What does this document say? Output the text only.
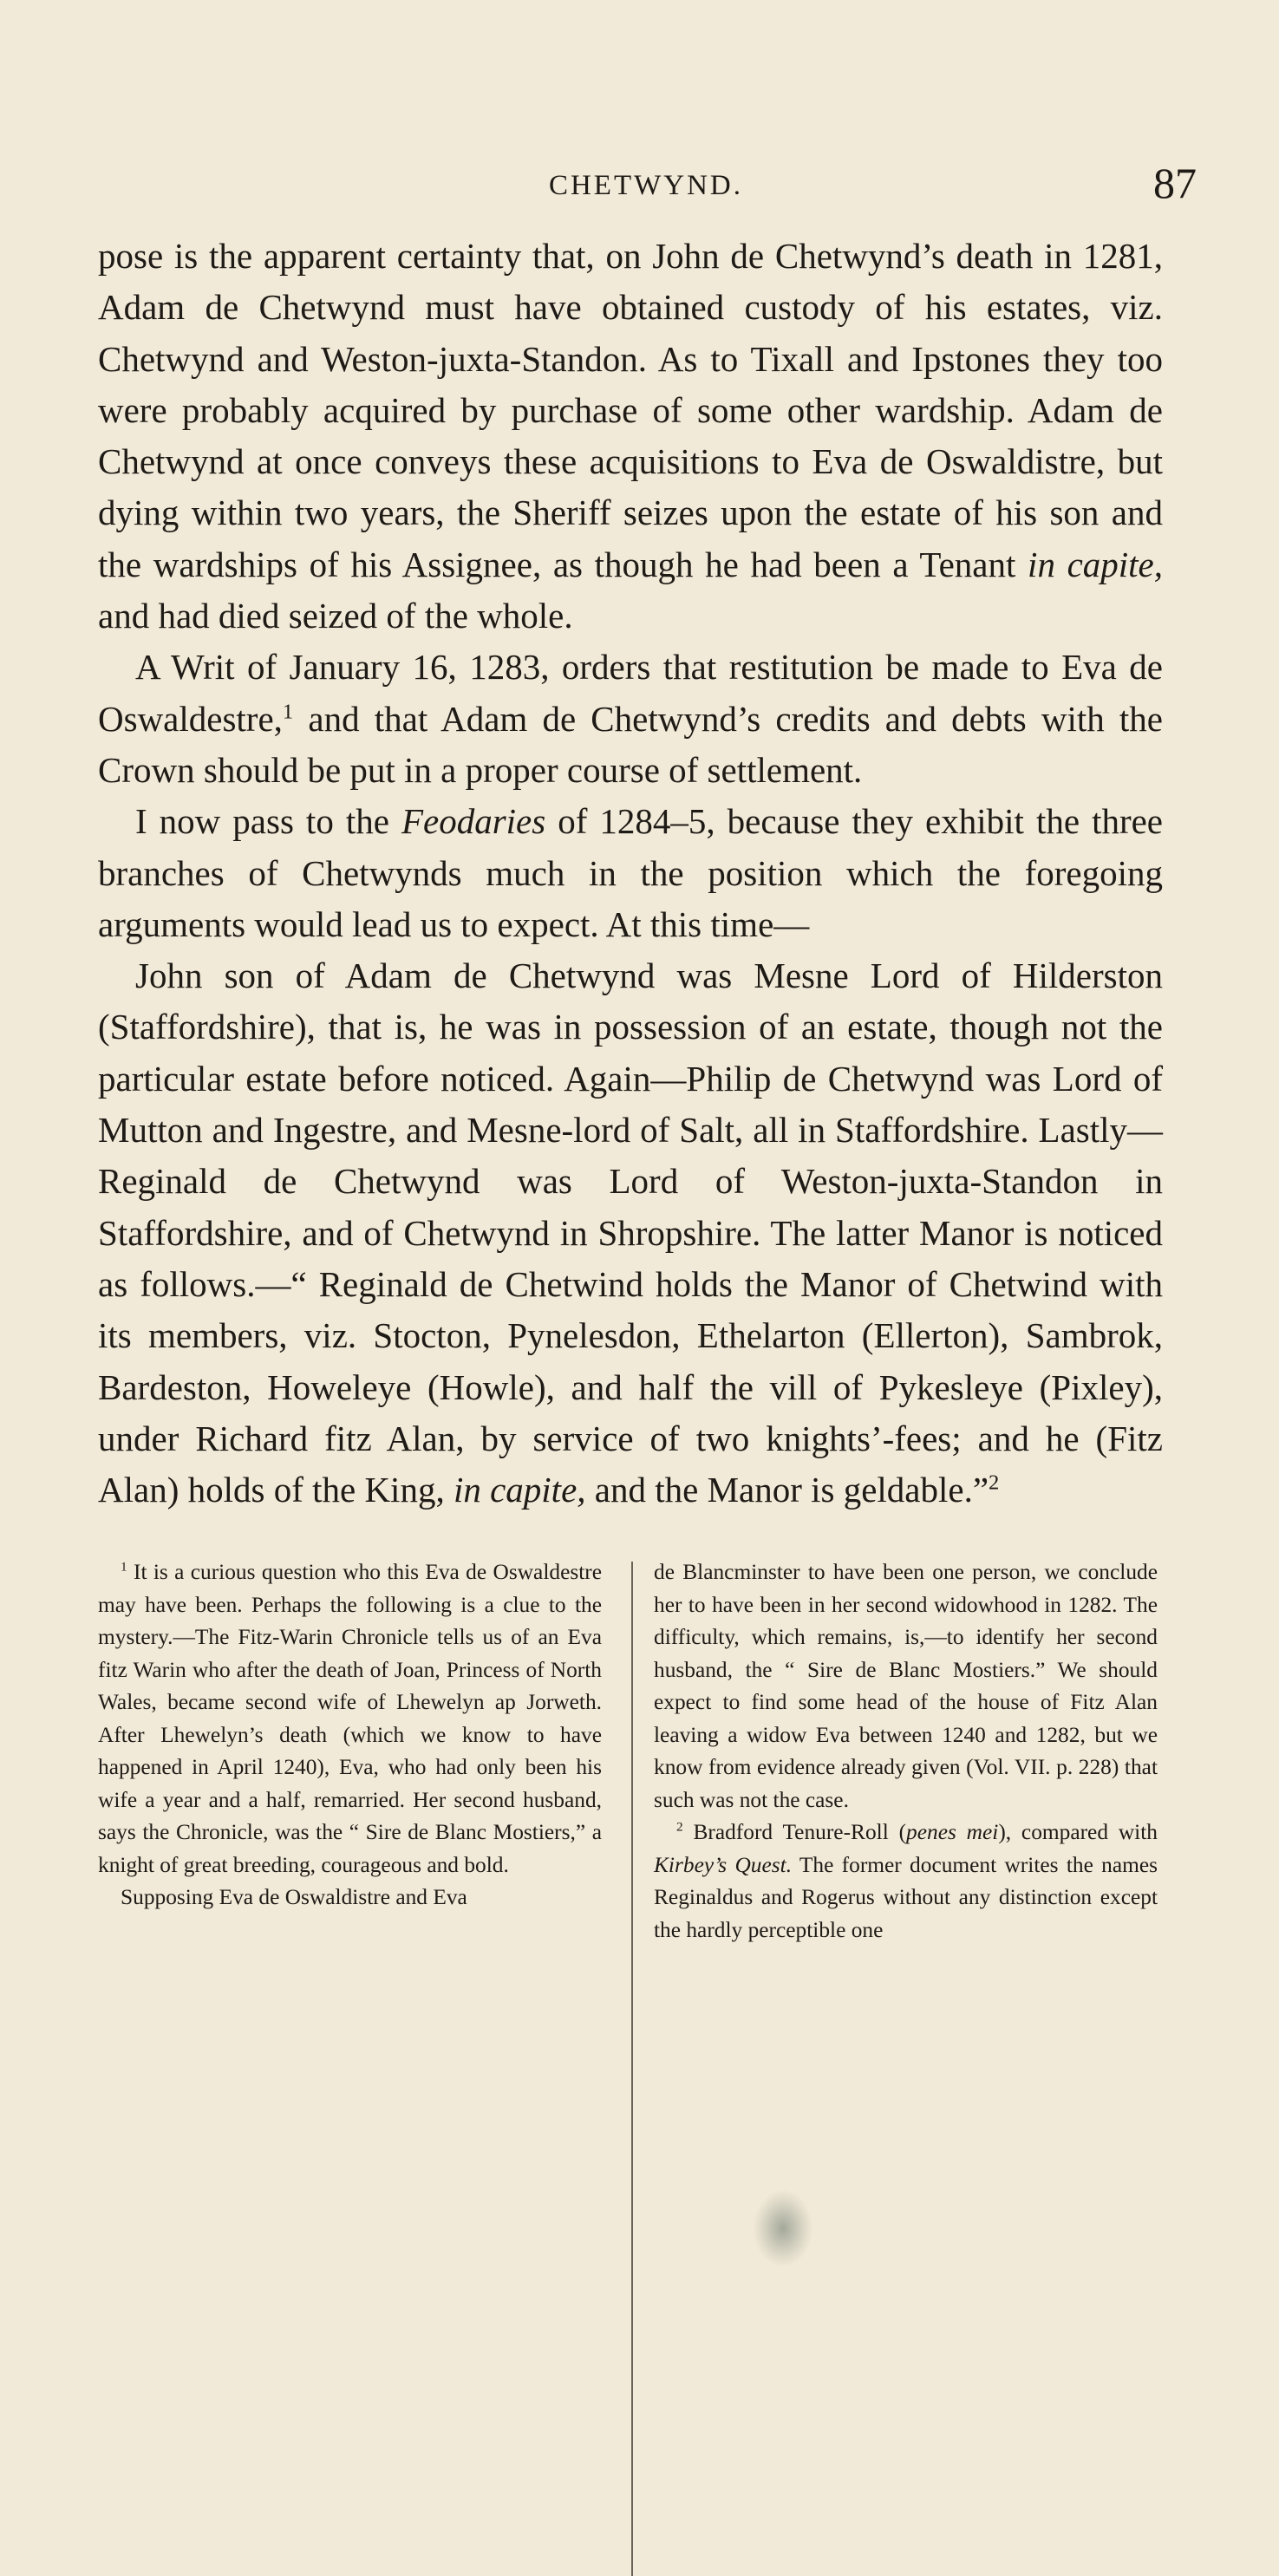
CHETWYND.	87

pose is the apparent certainty that, on John de Chetwynd’s death in 1281, Adam de Chetwynd must have obtained custody of his estates, viz. Chetwynd and Weston-juxta-Standon. As to Tixall and Ipstones they too were probably acquired by purchase of some other wardship. Adam de Chetwynd at once conveys these acquisitions to Eva de Oswaldistre, but dying within two years, the Sheriff seizes upon the estate of his son and the wardships of his Assignee, as though he had been a Tenant in capite, and had died seized of the whole.

A Writ of January 16, 1283, orders that restitution be made to Eva de Oswaldestre,$^1$ and that Adam de Chetwynd’s credits and debts with the Crown should be put in a proper course of settlement.

I now pass to the Feodaries of 1284–5, because they exhibit the three branches of Chetwynds much in the position which the foregoing arguments would lead us to expect. At this time—

John son of Adam de Chetwynd was Mesne Lord of Hilderston (Staffordshire), that is, he was in possession of an estate, though not the particular estate before noticed. Again—Philip de Chetwynd was Lord of Mutton and Ingestre, and Mesne-lord of Salt, all in Staffordshire. Lastly—Reginald de Chetwynd was Lord of Weston-juxta-Standon in Staffordshire, and of Chetwynd in Shropshire. The latter Manor is noticed as follows.—“ Reginald de Chetwind holds the Manor of Chetwind with its members, viz. Stocton, Pynelesdon, Ethelarton (Ellerton), Sambrok, Bardeston, Howeleye (Howle), and half the vill of Pykesleye (Pixley), under Richard fitz Alan, by service of two knights’-fees; and he (Fitz Alan) holds of the King, in capite, and the Manor is geldable.”$^2$

$^1$ It is a curious question who this Eva de Oswaldestre may have been. Perhaps the following is a clue to the mystery.—The Fitz-Warin Chronicle tells us of an Eva fitz Warin who after the death of Joan, Princess of North Wales, became second wife of Lhewelyn ap Jorweth. After Lhewelyn’s death (which we know to have happened in April 1240), Eva, who had only been his wife a year and a half, remarried. Her second husband, says the Chronicle, was the “ Sire de Blanc Mostiers,” a knight of great breeding, courageous and bold.

Supposing Eva de Oswaldistre and Eva

de Blancminster to have been one person, we conclude her to have been in her second widowhood in 1282. The difficulty, which remains, is,—to identify her second husband, the “ Sire de Blanc Mostiers.” We should expect to find some head of the house of Fitz Alan leaving a widow Eva between 1240 and 1282, but we know from evidence already given (Vol. VII. p. 228) that such was not the case.

$^2$ Bradford Tenure-Roll (penes mei), compared with Kirbey’s Quest. The former document writes the names Reginaldus and Rogerus without any distinction except the hardly perceptible one
